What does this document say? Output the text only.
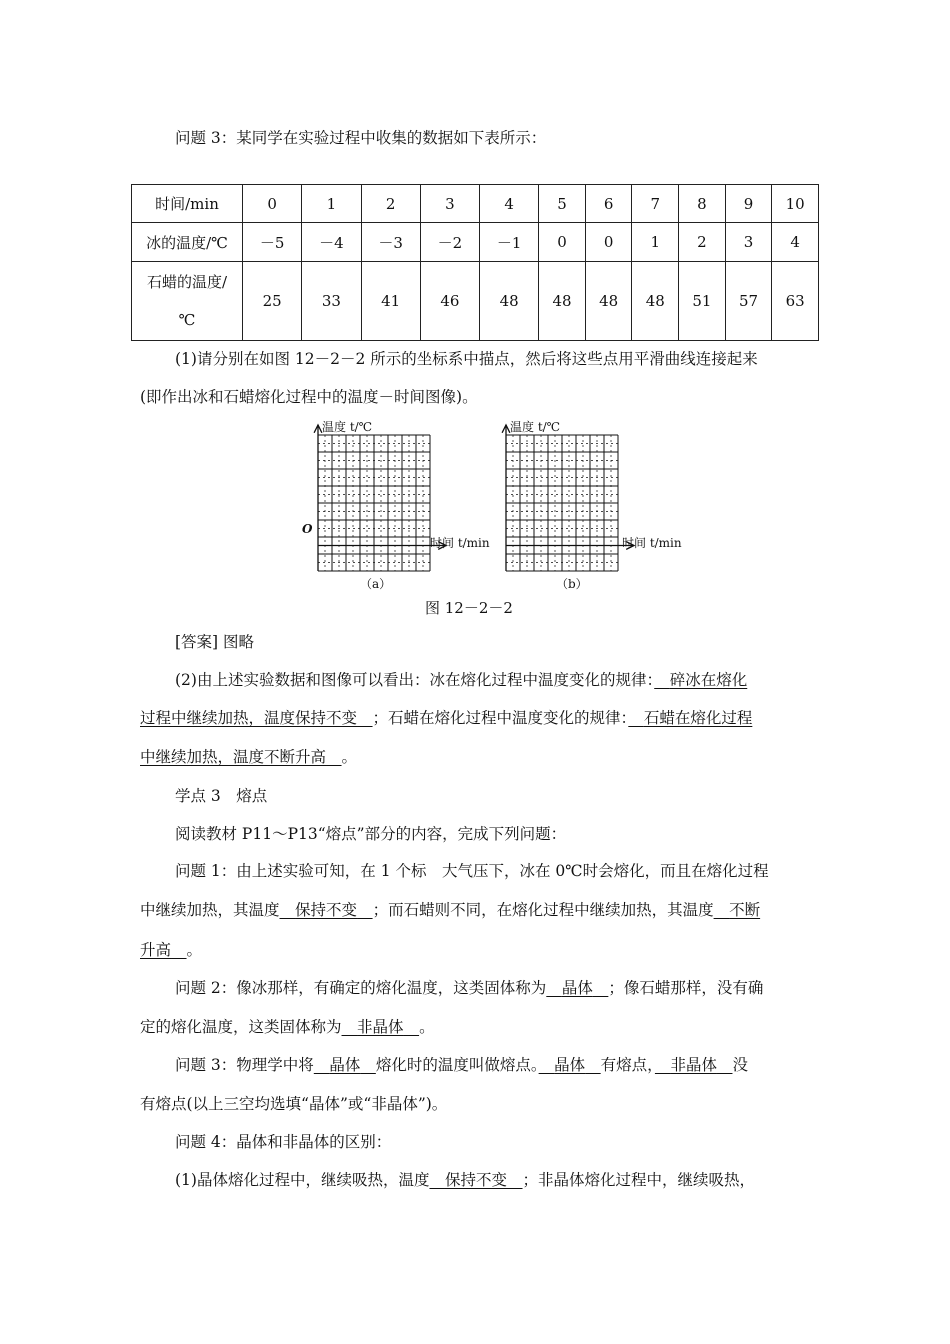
问题 3：某同学在实验过程中收集的数据如下表所示：
时间/min	0	1	2	3	4	5	6	7	8	9	10
冰的温度/℃	－5	－4	－3	－2	－1	0	0	1	2	3	4

石蜡的温度/
℃	25	33	41	46	48	48	48	48	51	57	63
(1)请分别在如图 12－2－2 所示的坐标系中描点，然后将这些点用平滑曲线连接起来
(即作出冰和石蜡熔化过程中的温度－时间图像)。
温度 t/℃
O
时间 t/min
（a）
温度 t/℃
时间 t/min
（b）
图 12－2－2
[答案] 图略
(2)由上述实验数据和图像可以看出：冰在熔化过程中温度变化的规律：　 碎冰在熔化
过程中继续加热，温度保持不变　 ；石蜡在熔化过程中温度变化的规律：　 石蜡在熔化过程
中继续加热，温度不断升高　 。
学点 3　熔点
阅读教材 P11～P13“熔点”部分的内容，完成下列问题：
问题 1：由上述实验可知，在 1 个标　大气压下，冰在 0℃时会熔化，而且在熔化过程
中继续加热，其温度　 保持不变　 ；而石蜡则不同，在熔化过程中继续加热，其温度　 不断
升高　 。
问题 2：像冰那样，有确定的熔化温度，这类固体称为　 晶体　 ；像石蜡那样，没有确
定的熔化温度，这类固体称为　 非晶体　 。
问题 3：物理学中将　 晶体　 熔化时的温度叫做熔点。　 晶体　 有熔点，　 非晶体　 没
有熔点(以上三空均选填“晶体”或“非晶体”)。
问题 4：晶体和非晶体的区别：
(1)晶体熔化过程中，继续吸热，温度　 保持不变　 ；非晶体熔化过程中，继续吸热，
